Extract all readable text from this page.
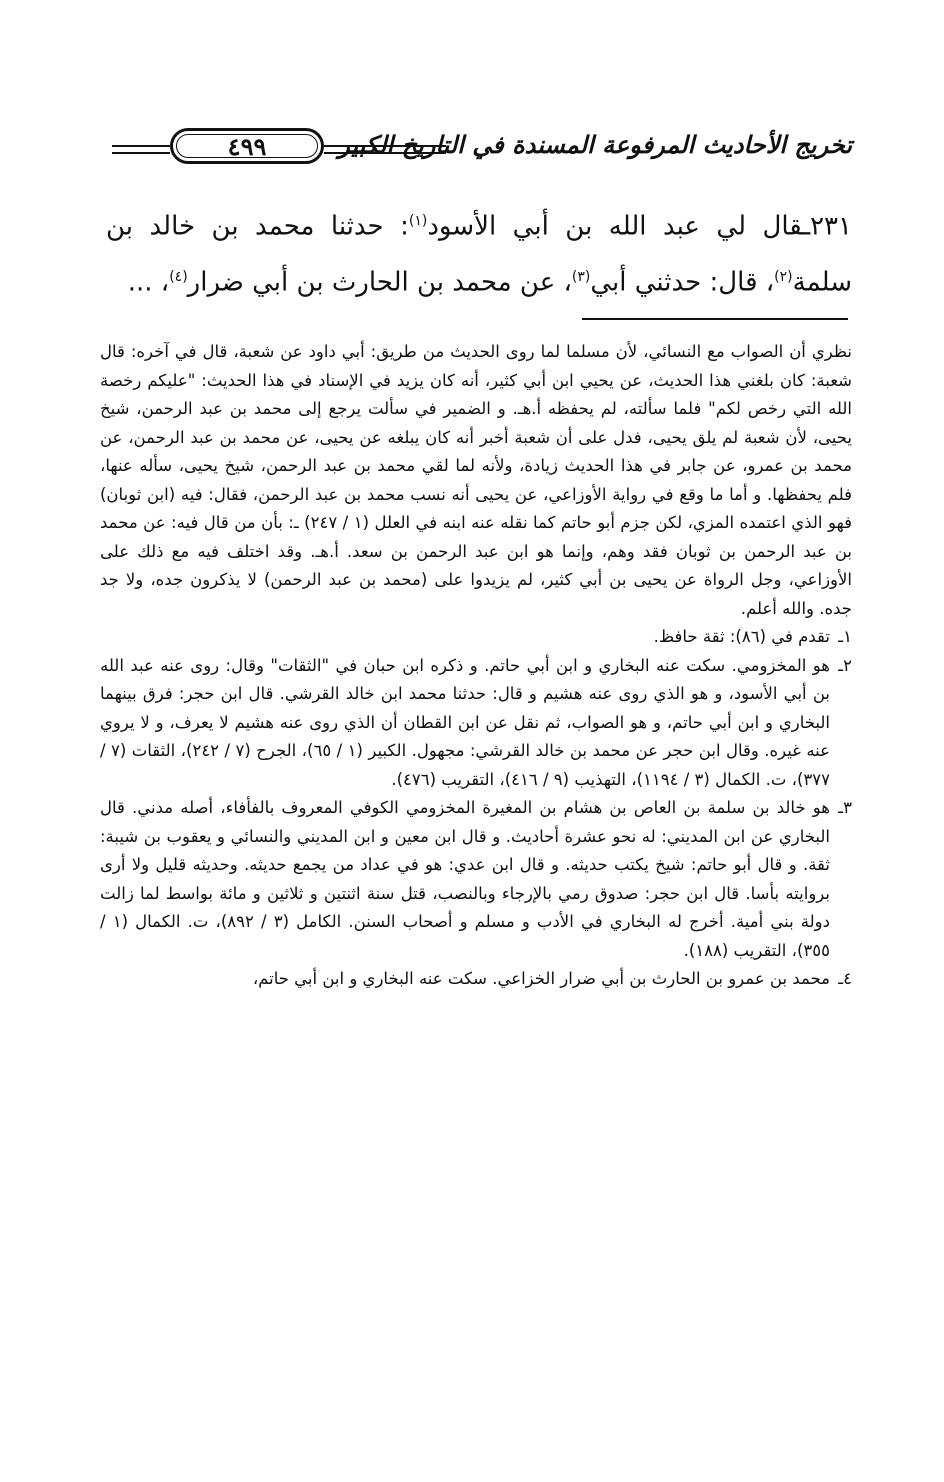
تخريج الأحاديث المرفوعة المسندة في التاريخ الكبير
٤٩٩
٢٣١ـقال لي عبد الله بن أبي الأسود$^{(١)}$: حدثنا محمد بن خالد بن سلمة$^{(٢)}$، قال: حدثني أبي$^{(٣)}$، عن محمد بن الحارث بن أبي ضرار$^{(٤)}$، ...

نظري أن الصواب مع النسائي، لأن مسلما لما روى الحديث من طريق: أبي داود عن شعبة، قال في آخره: قال شعبة: كان بلغني هذا الحديث، عن يحيي ابن أبي كثير، أنه كان يزيد في الإسناد في هذا الحديث: "عليكم رخصة الله التي رخص لكم" فلما سألته، لم يحفظه أ.هـ. و الضمير في سألت يرجع إلى محمد بن عبد الرحمن، شيخ يحيى، لأن شعبة لم يلق يحيى، فدل على أن شعبة أخبر أنه كان يبلغه عن يحيى، عن محمد بن عبد الرحمن، عن محمد بن عمرو، عن جابر في هذا الحديث زيادة، ولأنه لما لقي محمد بن عبد الرحمن، شيخ يحيى، سأله عنها، فلم يحفظها. و أما ما وقع في رواية الأوزاعي، عن يحيى أنه نسب محمد بن عبد الرحمن، فقال: فيه (ابن ثوبان) فهو الذي اعتمده المزي، لكن جزم أبو حاتم كما نقله عنه ابنه في العلل (١ / ٢٤٧) ـ: بأن من قال فيه: عن محمد بن عبد الرحمن بن ثوبان فقد وهم، وإنما هو ابن عبد الرحمن بن سعد. أ.هـ. وقد اختلف فيه مع ذلك على الأوزاعي، وجل الرواة عن يحيى بن أبي كثير، لم يزيدوا على (محمد بن عبد الرحمن) لا يذكرون جده، ولا جد جده. والله أعلم.

١ـ
تقدم في (٨٦): ثقة حافظ.
٢ـ
هو المخزومي. سكت عنه البخاري و ابن أبي حاتم. و ذكره ابن حبان في "الثقات" وقال: روى عنه عبد الله بن أبي الأسود، و هو الذي روى عنه هشيم و قال: حدثنا محمد ابن خالد القرشي. قال ابن حجر: فرق بينهما البخاري و ابن أبي حاتم، و هو الصواب، ثم نقل عن ابن القطان أن الذي روى عنه هشيم لا يعرف، و لا يروي عنه غيره. وقال ابن حجر عن محمد بن خالد القرشي: مجهول. الكبير (١ / ٦٥)، الجرح (٧ / ٢٤٢)، الثقات (٧ / ٣٧٧)، ت. الكمال (٣ / ١١٩٤)، التهذيب (٩ / ٤١٦)، التقريب (٤٧٦).
٣ـ
هو خالد بن سلمة بن العاص بن هشام بن المغيرة المخزومي الكوفي المعروف بالفأفاء، أصله مدني. قال البخاري عن ابن المديني: له نحو عشرة أحاديث. و قال ابن معين و ابن المديني والنسائي و يعقوب بن شيبة: ثقة. و قال أبو حاتم: شيخ يكتب حديثه. و قال ابن عدي: هو في عداد من يجمع حديثه. وحديثه قليل ولا أرى بروايته بأسا. قال ابن حجر: صدوق رمي بالإرجاء وبالنصب، قتل سنة اثنتين و ثلاثين و مائة بواسط لما زالت دولة بني أمية. أخرج له البخاري في الأدب و مسلم و أصحاب السنن. الكامل (٣ / ٨٩٢)، ت. الكمال (١ / ٣٥٥)، التقريب (١٨٨).
٤ـ
محمد بن عمرو بن الحارث بن أبي ضرار الخزاعي. سكت عنه البخاري و ابن أبي حاتم،
